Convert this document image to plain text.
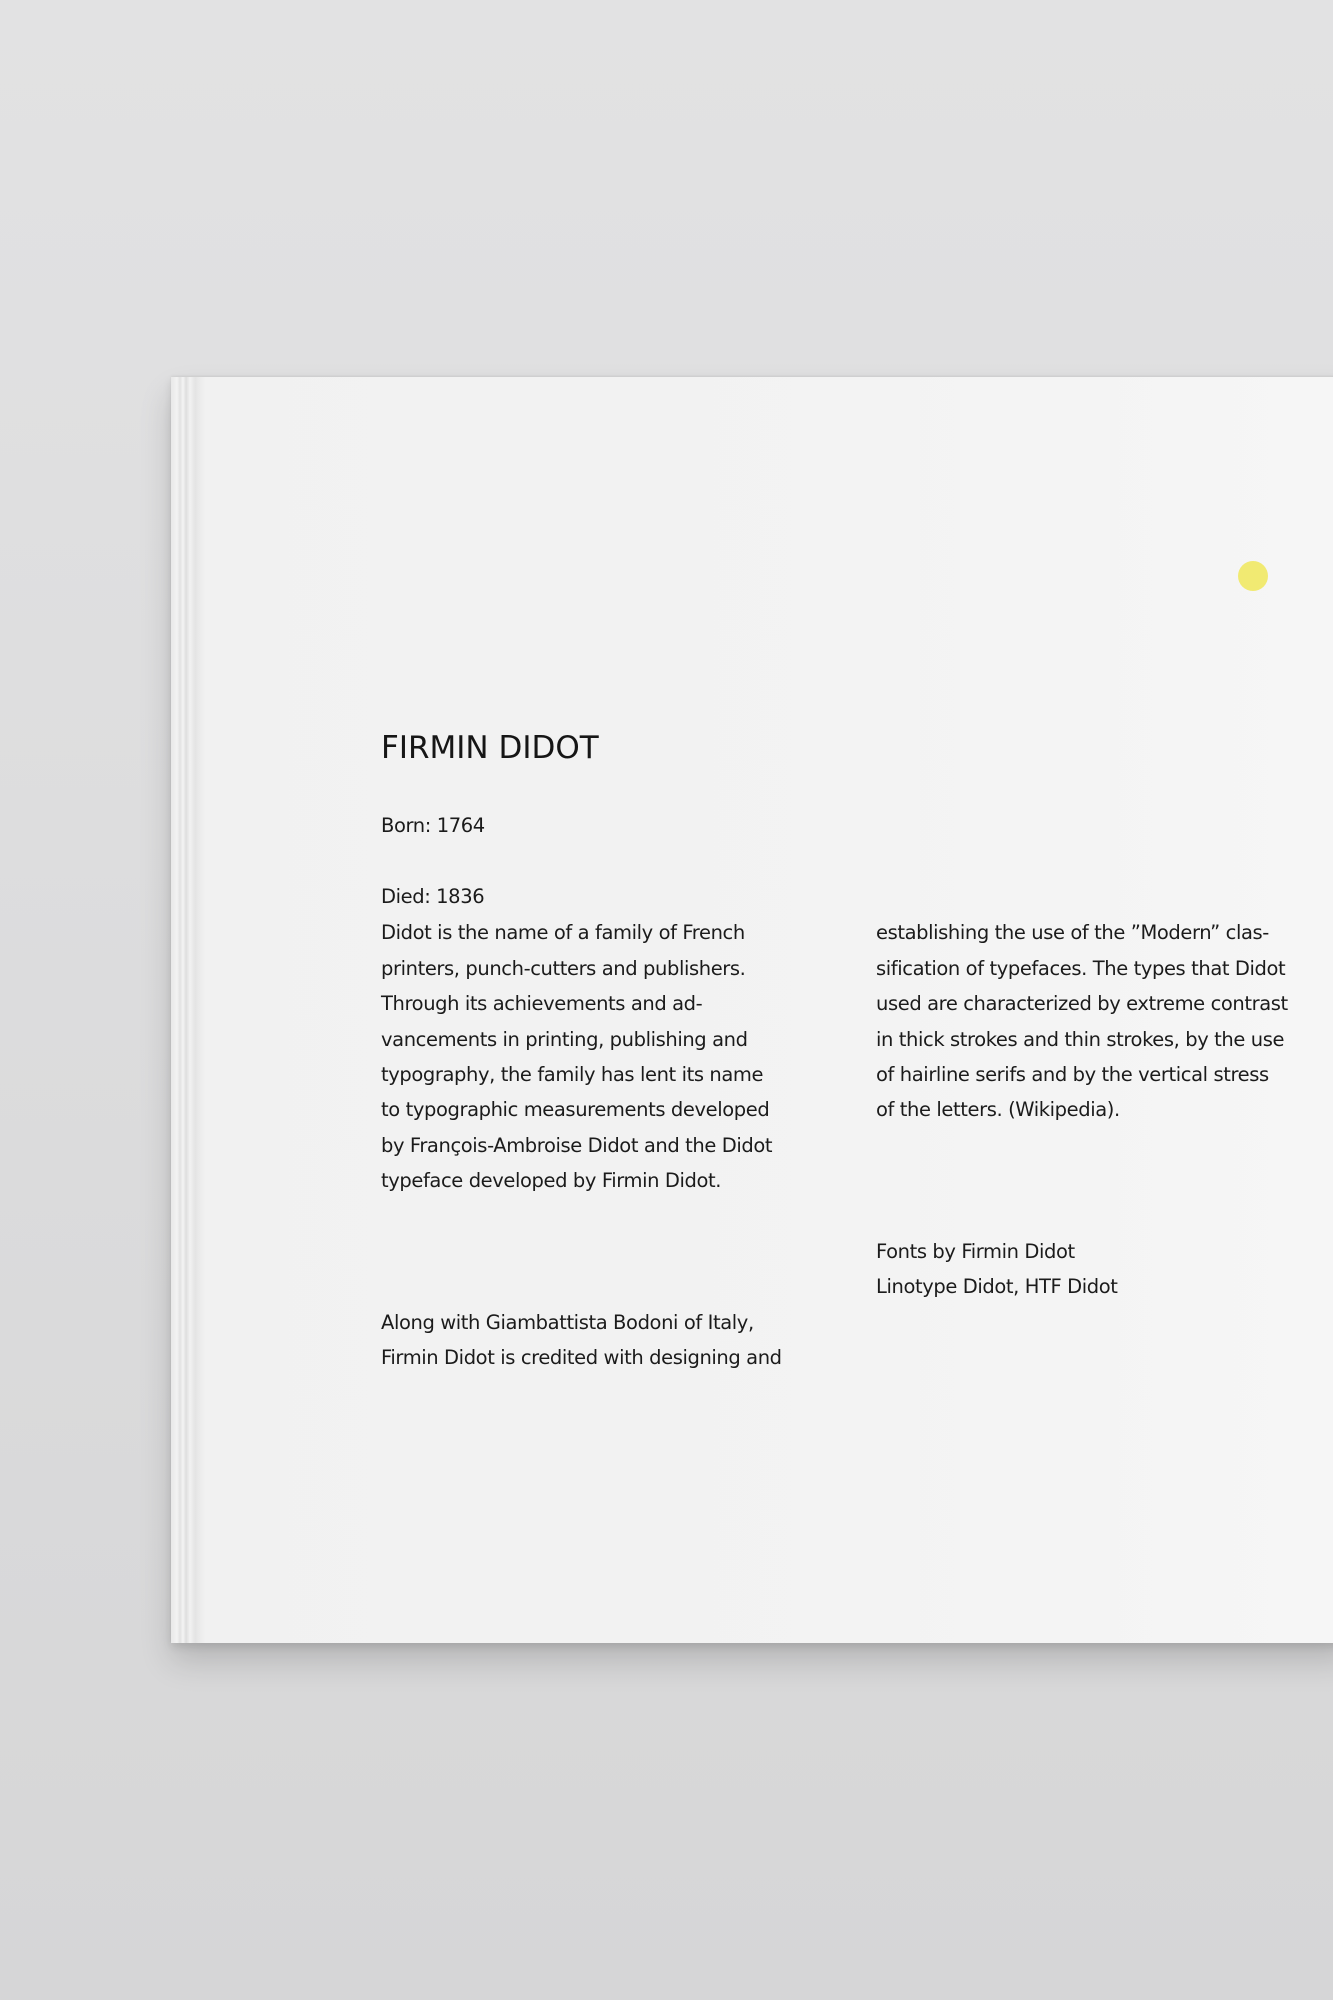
FIRMIN DIDOT

Born: 1764

Died: 1836

Didot is the name of a family of French
printers, punch-cutters and publishers.
Through its achievements and ad-
vancements in printing, publishing and
typography, the family has lent its name
to typographic measurements developed
by François-Ambroise Didot and the Didot
typeface developed by Firmin Didot.

Along with Giambattista Bodoni of Italy,
Firmin Didot is credited with designing and

establishing the use of the ”Modern” clas-
sification of typefaces. The types that Didot
used are characterized by extreme contrast
in thick strokes and thin strokes, by the use
of hairline serifs and by the vertical stress
of the letters. (Wikipedia).

Fonts by Firmin Didot
Linotype Didot, HTF Didot
